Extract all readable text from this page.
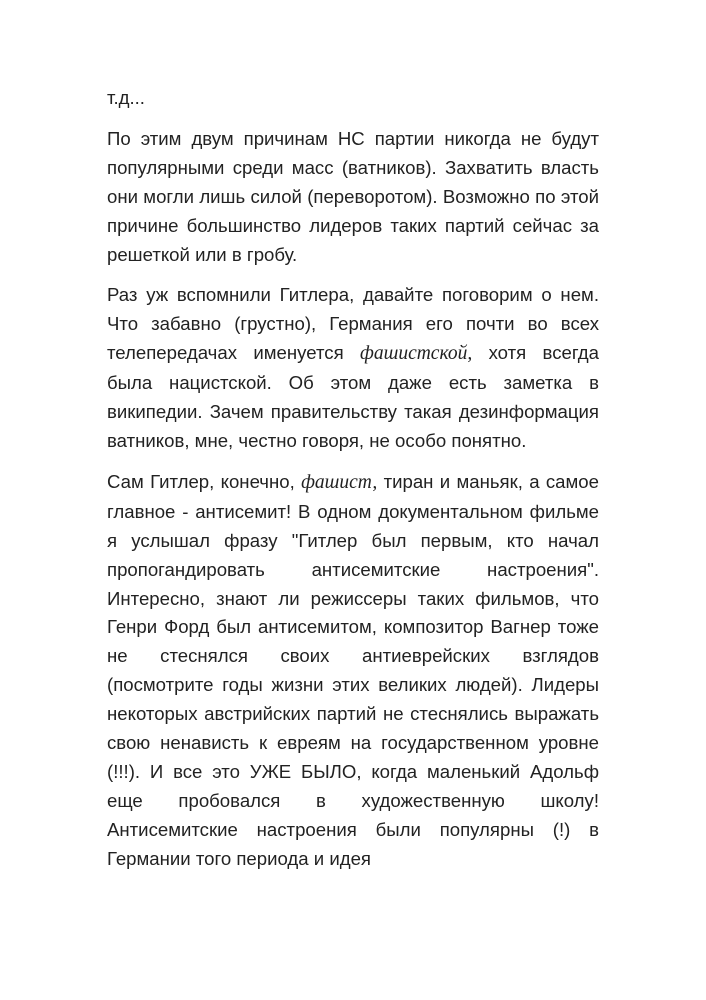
т.д...

По этим двум причинам НС партии никогда не будут популярными среди масс (ватников). Захватить власть они могли лишь силой (переворотом). Возможно по этой причине большинство лидеров таких партий сейчас за решеткой или в гробу.

Раз уж вспомнили Гитлера, давайте поговорим о нем. Что забавно (грустно), Германия его почти во всех телепередачах именуется фашистской, хотя всегда была нацистской. Об этом даже есть заметка в википедии. Зачем правительству такая дезинформация ватников, мне, честно говоря, не особо понятно.

Сам Гитлер, конечно, фашист, тиран и маньяк, а самое главное - антисемит! В одном документальном фильме я услышал фразу "Гитлер был первым, кто начал пропогандировать антисемитские настроения". Интересно, знают ли режиссеры таких фильмов, что Генри Форд был антисемитом, композитор Вагнер тоже не стеснялся своих антиеврейских взглядов (посмотрите годы жизни этих великих людей). Лидеры некоторых австрийских партий не стеснялись выражать свою ненависть к евреям на государственном уровне (!!!). И все это УЖЕ БЫЛО, когда маленький Адольф еще пробовался в художественную школу! Антисемитские настроения были популярны (!) в Германии того периода и идея
